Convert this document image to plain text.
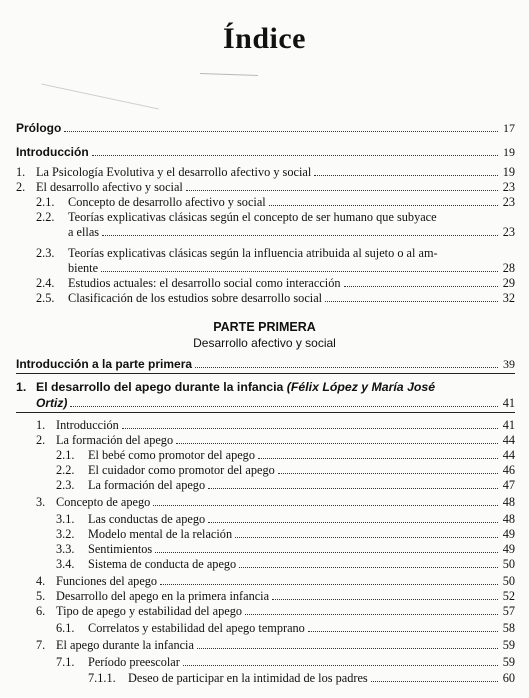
Índice
Prólogo	17
Introducción	19
1. La Psicología Evolutiva y el desarrollo afectivo y social	19
2. El desarrollo afectivo y social	23
2.1.	Concepto de desarrollo afectivo y social	23
2.2. Teorías explicativas clásicas según el concepto de ser humano que subyace
a ellas	23
2.3. Teorías explicativas clásicas según la influencia atribuida al sujeto o al am-
biente	28
2.4.	Estudios actuales: el desarrollo social como interacción	29
2.5.	Clasificación de los estudios sobre desarrollo social	32
PARTE PRIMERA
Desarrollo afectivo y social
Introducción a la parte primera	39
1. El desarrollo del apego durante la infancia (Félix López y María José
Ortiz)	41
1. Introducción	41
2. La formación del apego	44
2.1.	El bebé como promotor del apego	44
2.2.	El cuidador como promotor del apego	46
2.3.	La formación del apego	47
3. Concepto de apego	48
3.1.	Las conductas de apego	48
3.2.	Modelo mental de la relación	49
3.3.	Sentimientos	49
3.4.	Sistema de conducta de apego	50
4. Funciones del apego	50
5. Desarrollo del apego en la primera infancia	52
6. Tipo de apego y estabilidad del apego	57
6.1.	Correlatos y estabilidad del apego temprano	58
7. El apego durante la infancia	59
7.1.	Período preescolar	59
7.1.1.	Deseo de participar en la intimidad de los padres	60
